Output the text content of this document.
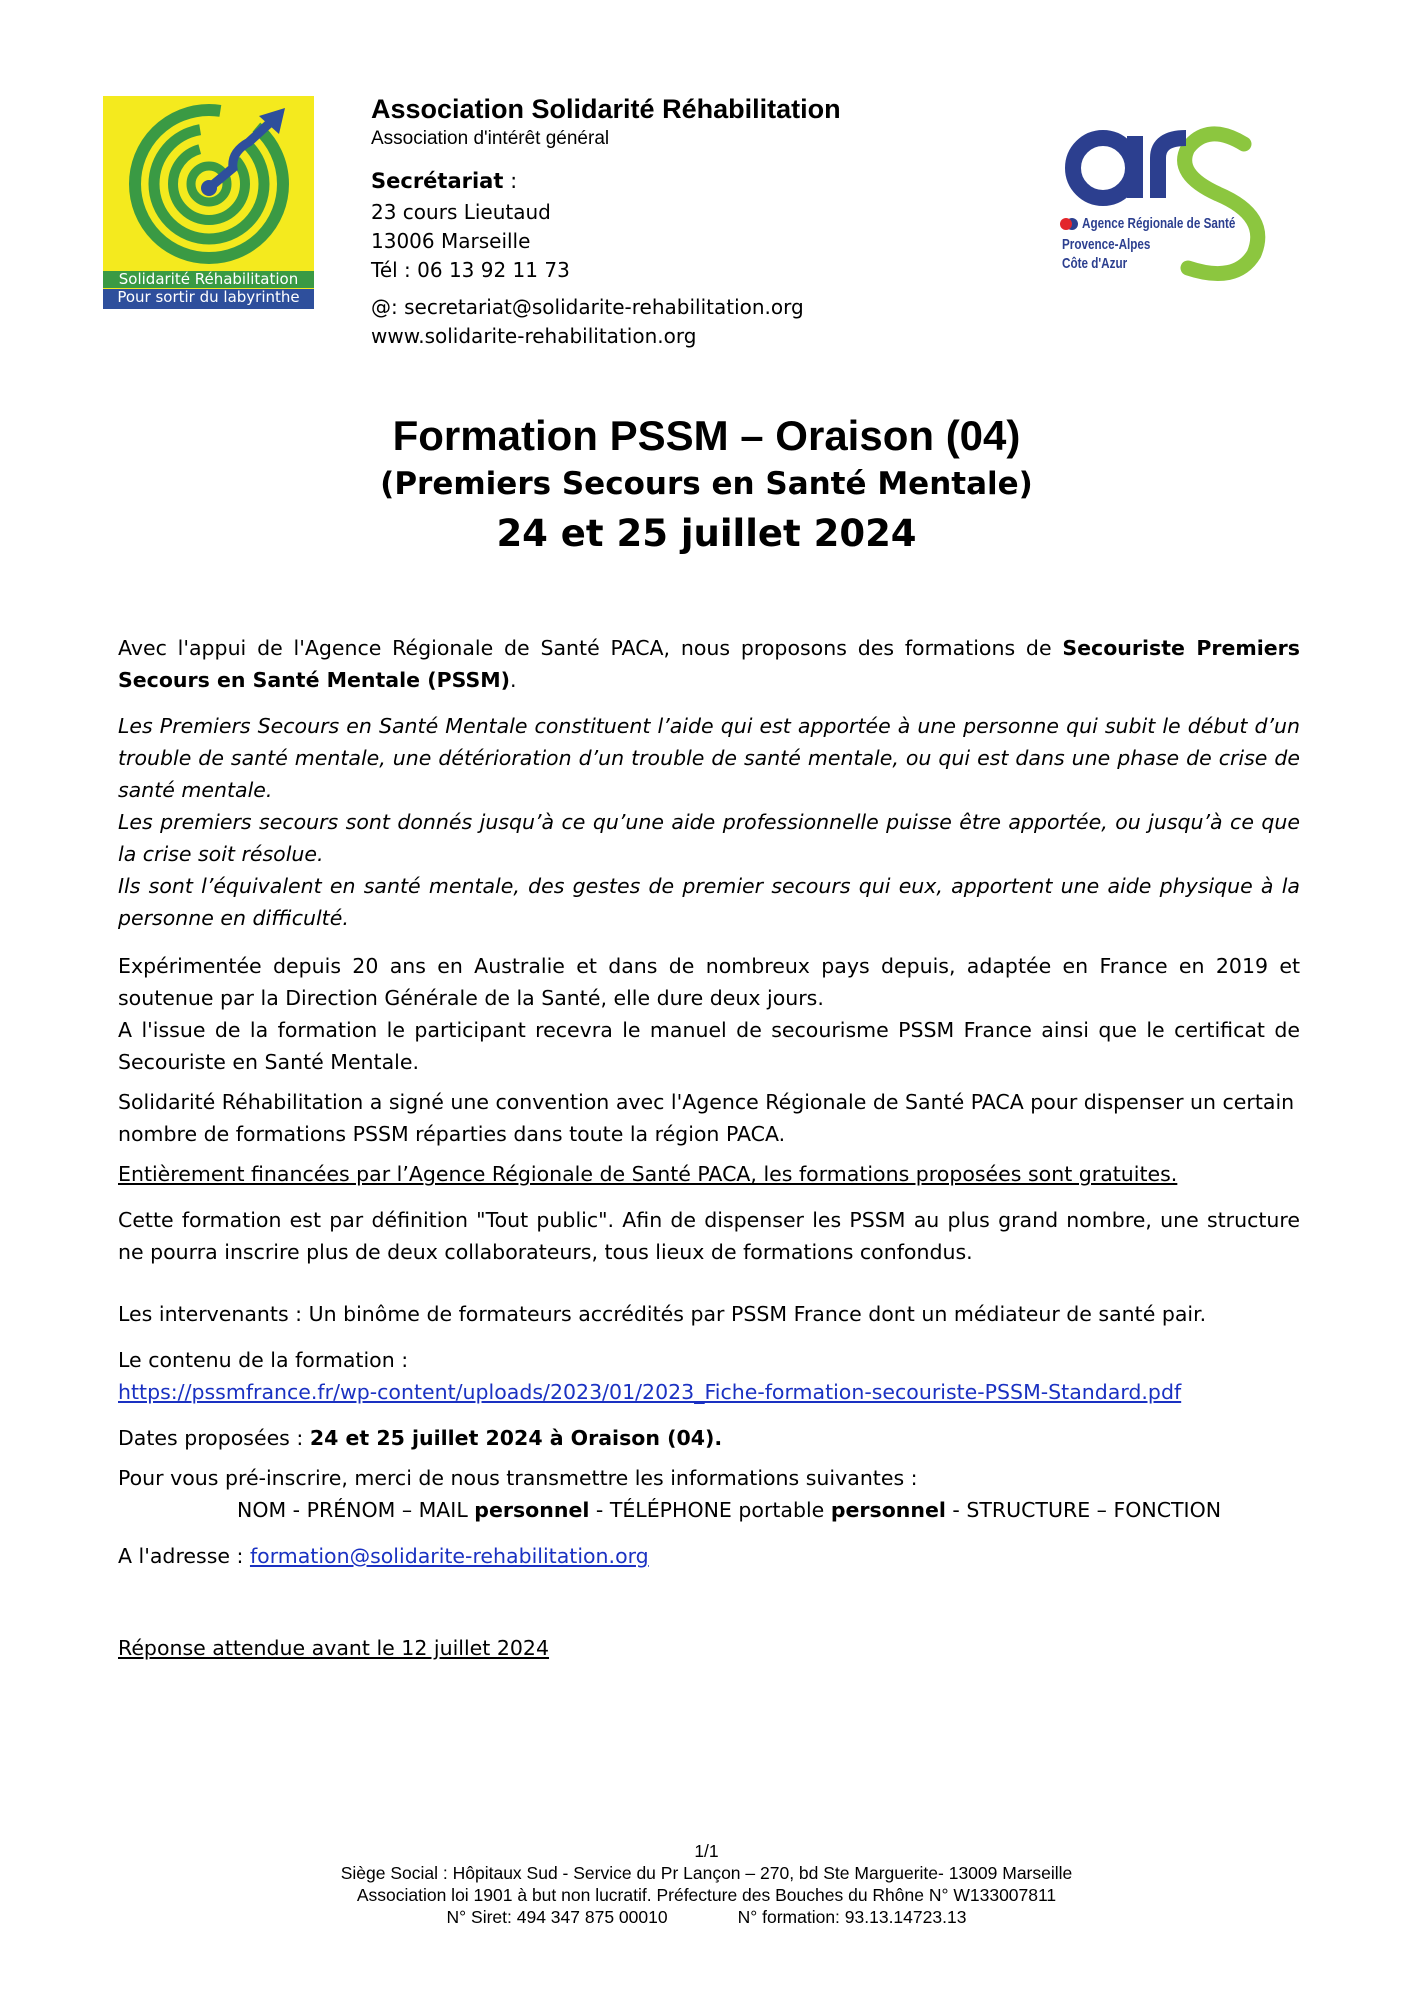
Solidarité Réhabilitation
Pour sortir du labyrinthe
Association Solidarité Réhabilitation
Association d'intérêt général
Secrétariat :
23 cours Lieutaud
13006 Marseille
Tél : 06 13 92 11 73
@: secretariat@solidarite-rehabilitation.org
www.solidarite-rehabilitation.org
Agence Régionale de Santé
Provence-Alpes
Côte d'Azur
Formation PSSM – Oraison (04)
(Premiers Secours en Santé Mentale)
24 et 25 juillet 2024
Avec l'appui de l'Agence Régionale de Santé PACA, nous proposons des formations de Secouriste Premiers Secours en Santé Mentale (PSSM).
Les Premiers Secours en Santé Mentale constituent l’aide qui est apportée à une personne qui subit le début d’un trouble de santé mentale, une détérioration d’un trouble de santé mentale, ou qui est dans une phase de crise de santé mentale.
Les premiers secours sont donnés jusqu’à ce qu’une aide professionnelle puisse être apportée, ou jusqu’à ce que la crise soit résolue.
Ils sont l’équivalent en santé mentale, des gestes de premier secours qui eux, apportent une aide physique à la personne en difficulté.
Expérimentée depuis 20 ans en Australie et dans de nombreux pays depuis, adaptée en France en 2019 et soutenue par la Direction Générale de la Santé, elle dure deux jours.
A l'issue de la formation le participant recevra le manuel de secourisme PSSM France ainsi que le certificat de Secouriste en Santé Mentale.
Solidarité Réhabilitation a signé une convention avec l'Agence Régionale de Santé PACA pour dispenser un certain nombre de formations PSSM réparties dans toute la région PACA.
Entièrement financées par l’Agence Régionale de Santé PACA, les formations proposées sont gratuites.
Cette formation est par définition "Tout public". Afin de dispenser les PSSM au plus grand nombre, une structure ne pourra inscrire plus de deux collaborateurs, tous lieux de formations confondus.
Les intervenants : Un binôme de formateurs accrédités par PSSM France dont un médiateur de santé pair.
Le contenu de la formation :
https://pssmfrance.fr/wp-content/uploads/2023/01/2023_Fiche-formation-secouriste-PSSM-Standard.pdf
Dates proposées : 24 et 25 juillet 2024 à Oraison (04).
Pour vous pré-inscrire, merci de nous transmettre les informations suivantes :
NOM - PRÉNOM – MAIL personnel - TÉLÉPHONE portable personnel - STRUCTURE – FONCTION
A l'adresse : formation@solidarite-rehabilitation.org
Réponse attendue avant le 12 juillet 2024
1/1
Siège Social : Hôpitaux Sud - Service du Pr Lançon – 270, bd Ste Marguerite- 13009 Marseille
Association loi 1901 à but non lucratif. Préfecture des Bouches du Rhône N° W133007811
N° Siret: 494 347 875 00010	N° formation: 93.13.14723.13
